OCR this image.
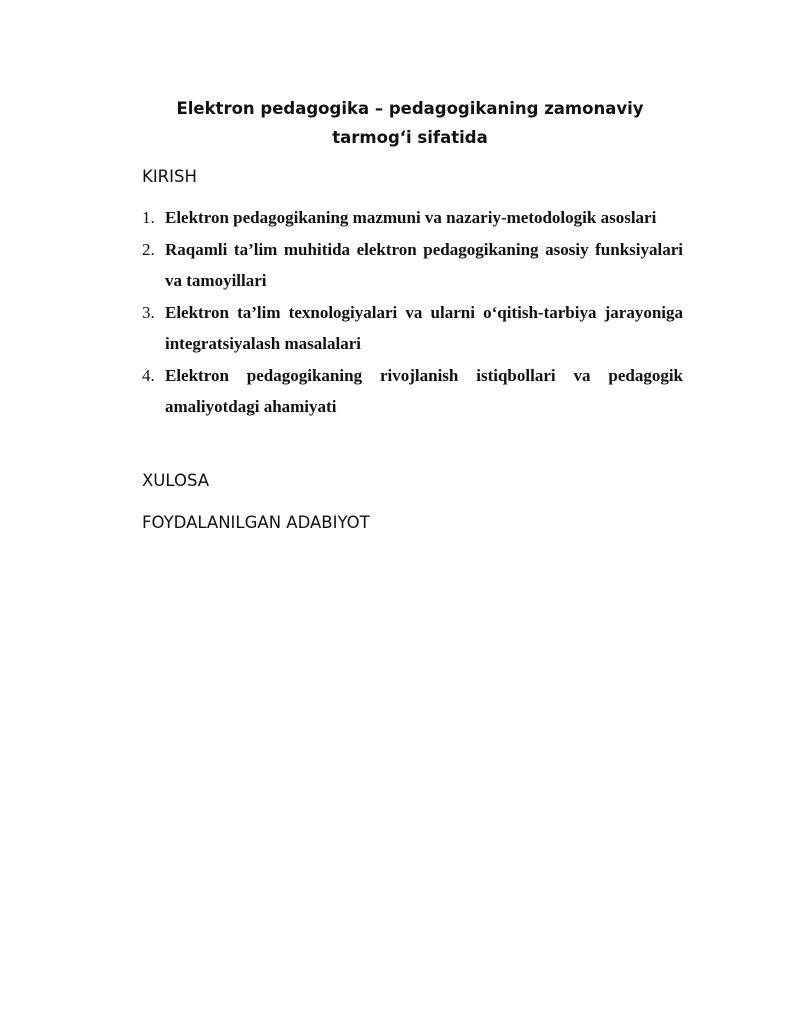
Elektron pedagogika – pedagogikaning zamonaviy
tarmog‘i sifatida

KIRISH

1. Elektron pedagogikaning mazmuni va nazariy-metodologik asoslari
2. Raqamli ta’lim muhitida elektron pedagogikaning asosiy funksiyalari va tamoyillari
3. Elektron ta’lim texnologiyalari va ularni o‘qitish-tarbiya jarayoniga integratsiyalash masalalari
4. Elektron pedagogikaning rivojlanish istiqbollari va pedagogik amaliyotdagi ahamiyati

XULOSA

FOYDALANILGAN ADABIYOT
